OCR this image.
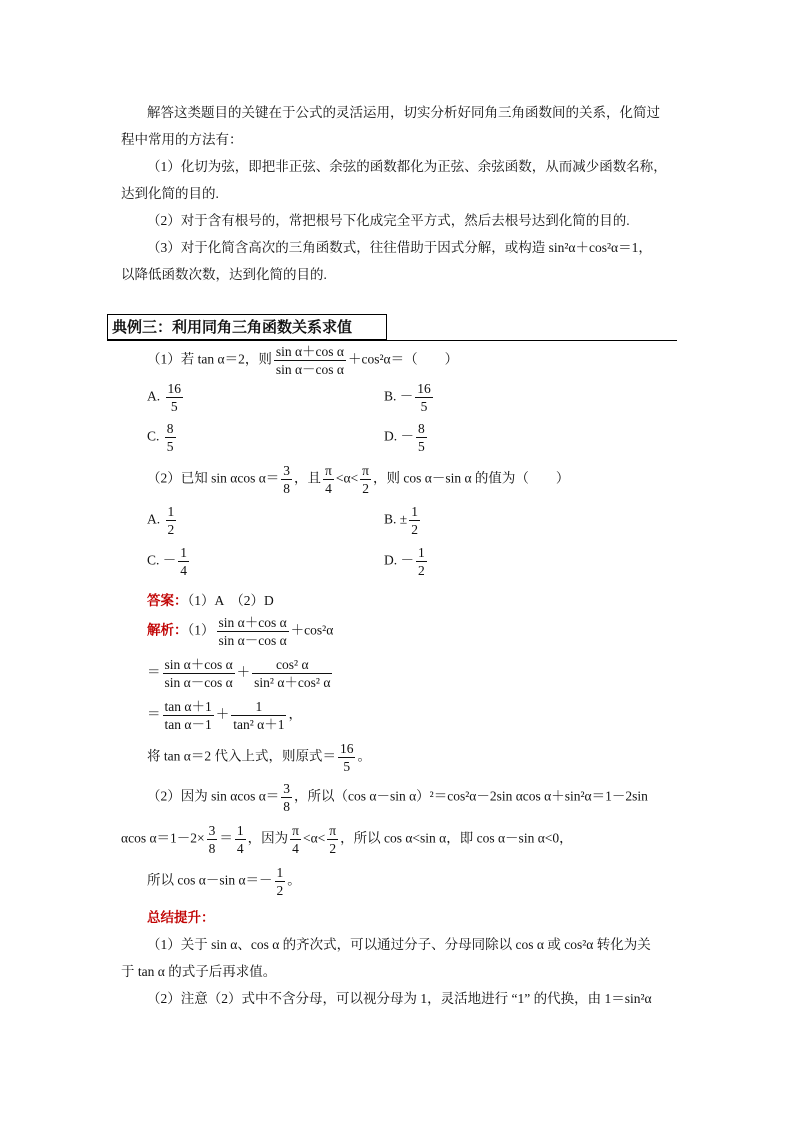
解答这类题目的关键在于公式的灵活运用，切实分析好同角三角函数间的关系，化简过
程中常用的方法有：
（1）化切为弦，即把非正弦、余弦的函数都化为正弦、余弦函数，从而减少函数名称，
达到化简的目的.
（2）对于含有根号的，常把根号下化成完全平方式，然后去根号达到化简的目的.
（3）对于化简含高次的三角函数式，往往借助于因式分解，或构造 sin²α＋cos²α＝1，
以降低函数次数，达到化简的目的.
典例三：利用同角三角函数关系求值
（1）若 tan α＝2，则 $\frac{\text{sin α＋cos α}}{\text{sin α－cos α}} +\cos^2\alpha=$（　　）
A. $\frac{16}{5}$	B. － $\frac{16}{5}$
C. $\frac{8}{5}$	D. － $\frac{8}{5}$
（2）已知 sin αcos $\alpha= \frac{3}{8}$ ，且 $\frac{\pi}{4} <\alpha< \frac{\pi}{2}$ ，则 cos α－sin α 的值为（　　）
A. $\frac{1}{2}$	B. ± $\frac{1}{2}$
C. － $\frac{1}{4}$	D. － $\frac{1}{2}$
答案：（1）A　（2）D
解析：$(1) \frac{\text{sin α＋cos α}}{\text{sin α－cos α}} +\cos^2\alpha$
＝ $\frac{\text{sin α＋cos α}}{\text{sin α－cos α}} + \frac{\text{cos² α}}{\text{sin² α＋cos² α}}$
＝ $\frac{\text{tan α＋1}}{\text{tan α－1}} + \frac{1}{\text{tan² α＋1}}$ ，
将 tan α＝2 代入上式，则原式＝ $\frac{16}{5}$ 。
（2）因为 sin αcos $\alpha= \frac{3}{8}$ ，所以（cos α－sin α）²＝cos²α－2sin αcos α＋sin²α＝1－2sin
αcos $\alpha=1-2\times \frac{3}{8} = \frac{1}{4}$ ，因为 $\frac{\pi}{4} <\alpha< \frac{\pi}{2}$ ，所以 cos α<sin α，即 cos α－sin α<0，
所以 cos α－sin $\alpha=- \frac{1}{2}$ 。
总结提升：
（1）关于 sin α、cos α 的齐次式，可以通过分子、分母同除以 cos α 或 cos²α 转化为关
于 tan α 的式子后再求值。
（2）注意（2）式中不含分母，可以视分母为 1，灵活地进行 “1” 的代换，由 1＝sin²α
